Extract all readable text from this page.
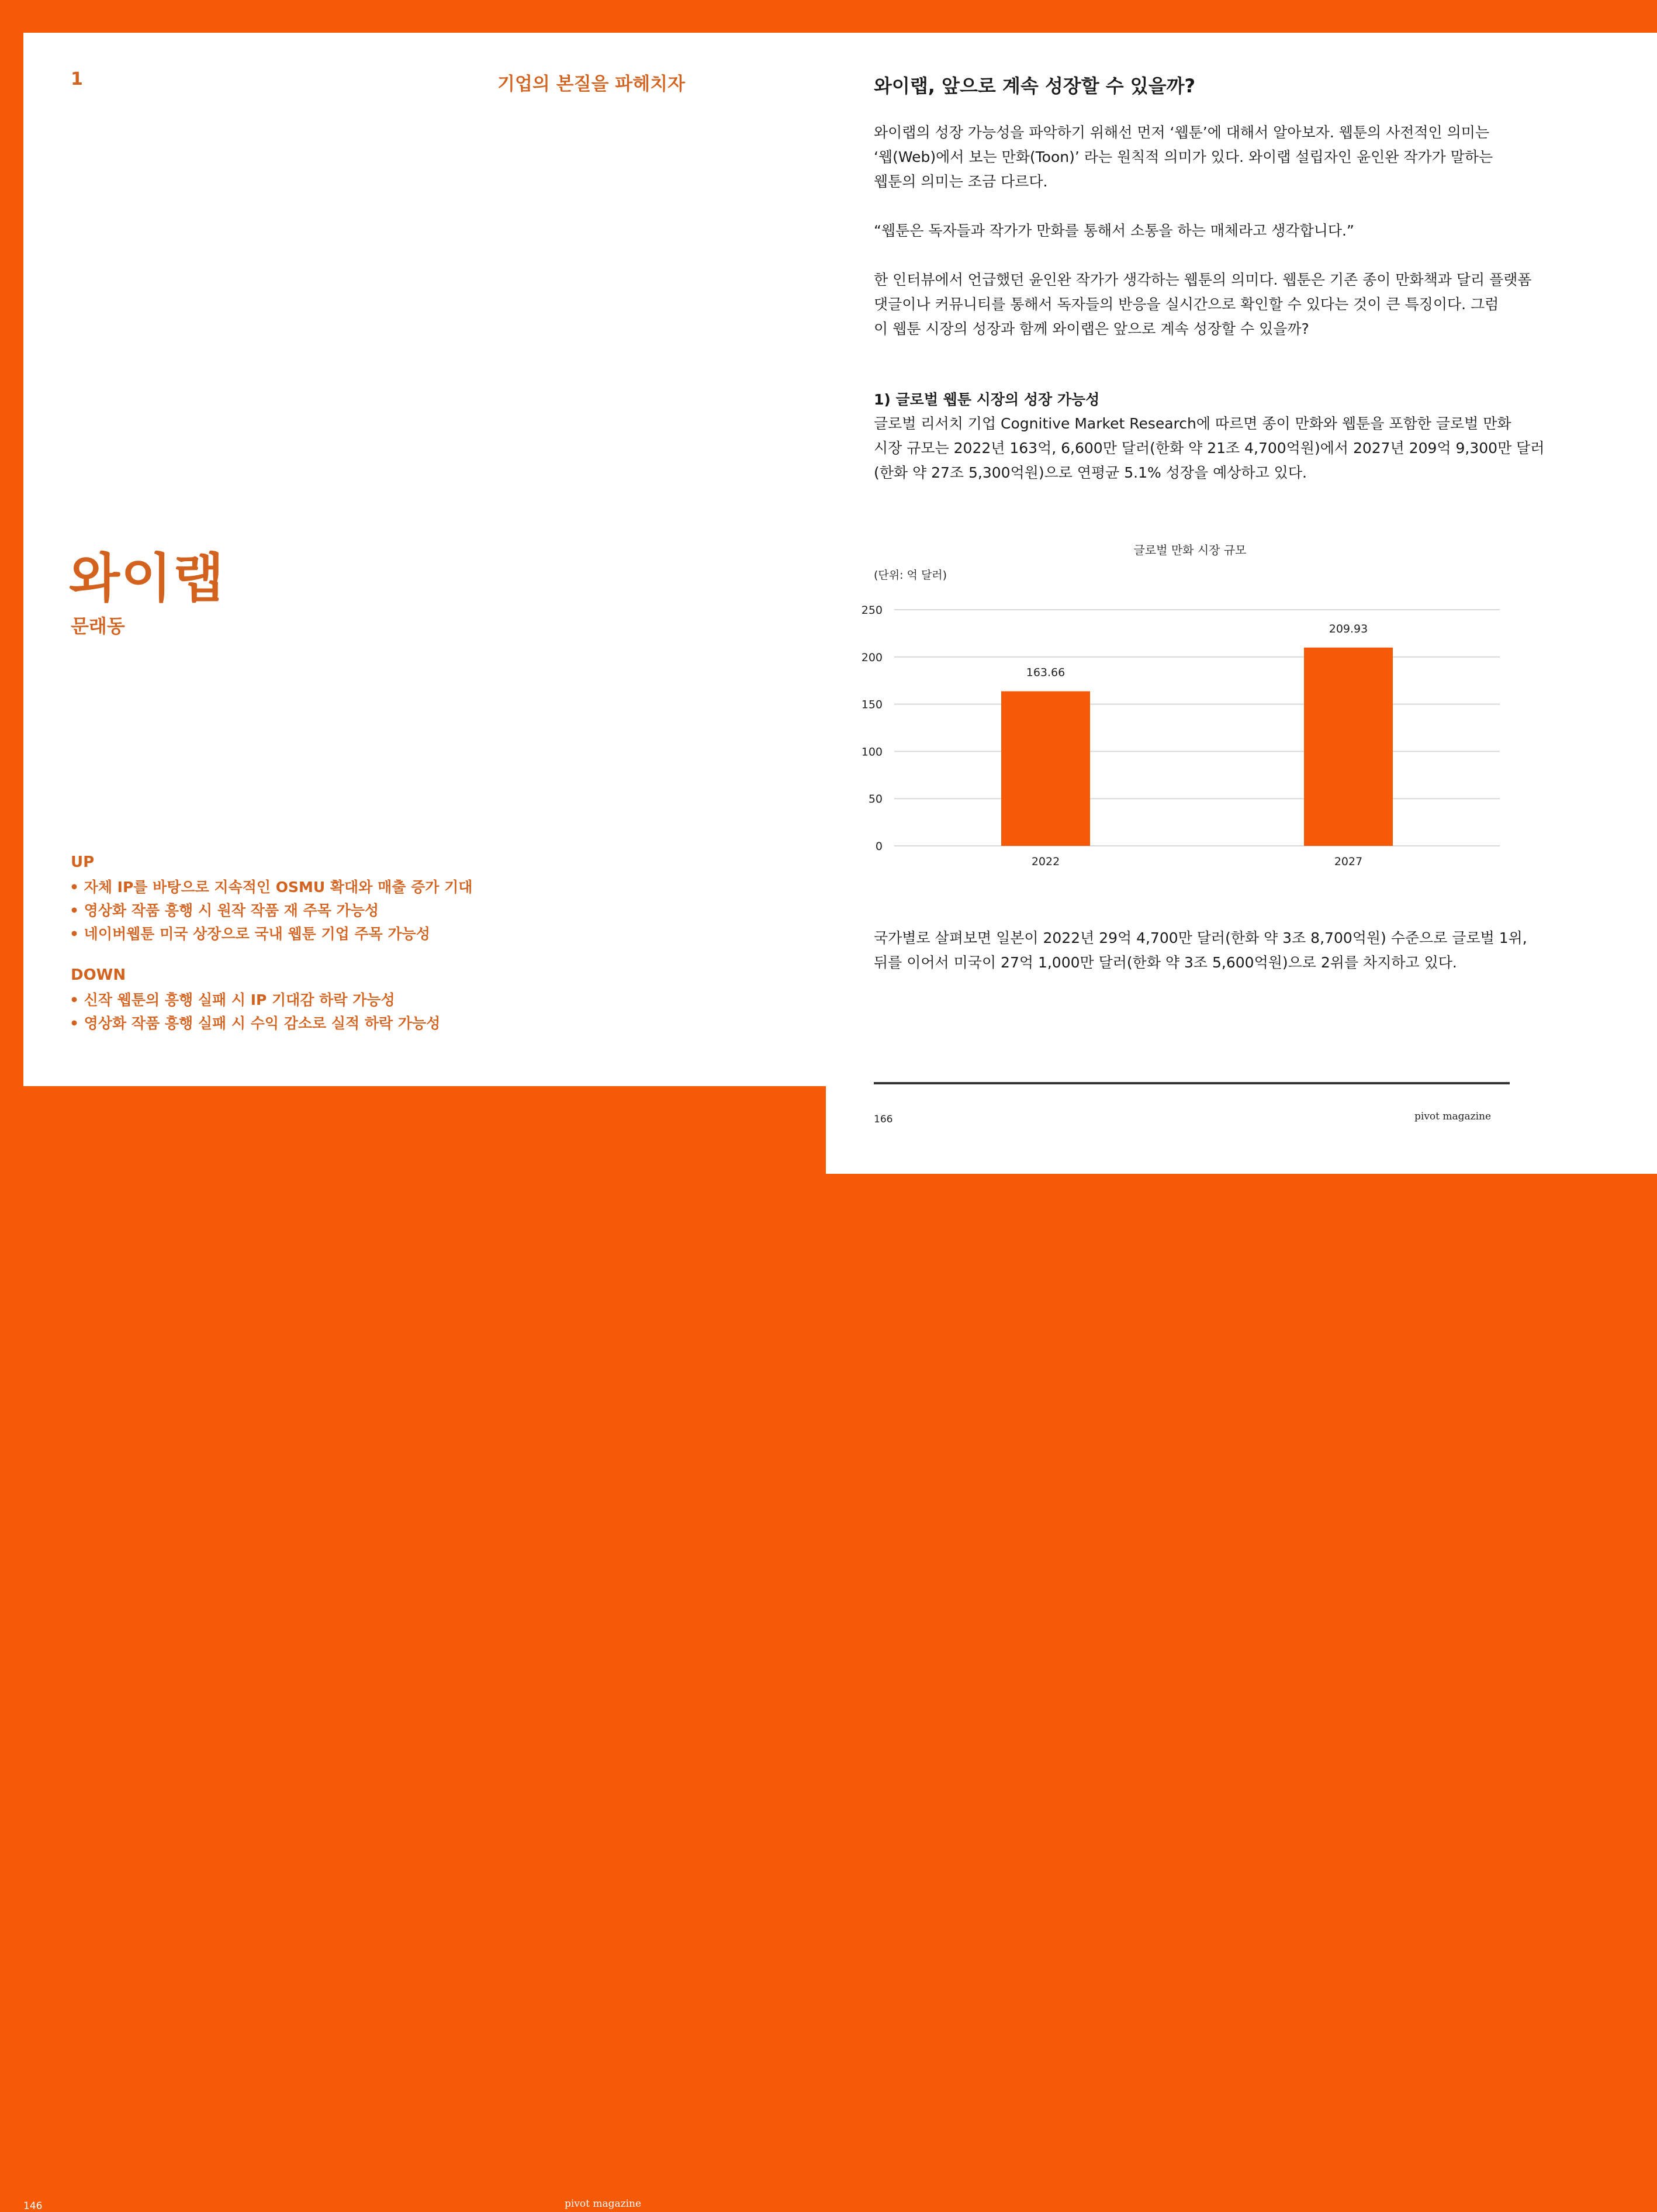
1	기업의 본질을 파헤치자
와이랩
문래동
UP
• 자체 IP를 바탕으로 지속적인 OSMU 확대와 매출 증가 기대
• 영상화 작품 흥행 시 원작 작품 재 주목 가능성
• 네이버웹툰 미국 상장으로 국내 웹툰 기업 주목 가능성
DOWN
• 신작 웹툰의 흥행 실패 시 IP 기대감 하락 가능성
• 영상화 작품 흥행 실패 시 수익 감소로 실적 하락 가능성
146	pivot magazine
와이랩, 앞으로 계속 성장할 수 있을까?
와이랩의 성장 가능성을 파악하기 위해선 먼저 ‘웹툰’에 대해서 알아보자. 웹툰의 사전적인 의미는
‘웹(Web)에서 보는 만화(Toon)’ 라는 원칙적 의미가 있다. 와이랩 설립자인 윤인완 작가가 말하는
웹툰의 의미는 조금 다르다.
“웹툰은 독자들과 작가가 만화를 통해서 소통을 하는 매체라고 생각합니다.”
한 인터뷰에서 언급했던 윤인완 작가가 생각하는 웹툰의 의미다. 웹툰은 기존 종이 만화책과 달리 플랫폼
댓글이나 커뮤니티를 통해서 독자들의 반응을 실시간으로 확인할 수 있다는 것이 큰 특징이다. 그럼
이 웹툰 시장의 성장과 함께 와이랩은 앞으로 계속 성장할 수 있을까?
1) 글로벌 웹툰 시장의 성장 가능성
글로벌 리서치 기업 Cognitive Market Research에 따르면 종이 만화와 웹툰을 포함한 글로벌 만화
시장 규모는 2022년 163억, 6,600만 달러(한화 약 21조 4,700억원)에서 2027년 209억 9,300만 달러
(한화 약 27조 5,300억원)으로 연평균 5.1% 성장을 예상하고 있다.
글로벌 만화 시장 규모
(단위: 억 달러)
0
50
100
150
200
250
163.66
209.93
2022	2027
국가별로 살펴보면 일본이 2022년 29억 4,700만 달러(한화 약 3조 8,700억원) 수준으로 글로벌 1위,
뒤를 이어서 미국이 27억 1,000만 달러(한화 약 3조 5,600억원)으로 2위를 차지하고 있다.
166	pivot magazine
